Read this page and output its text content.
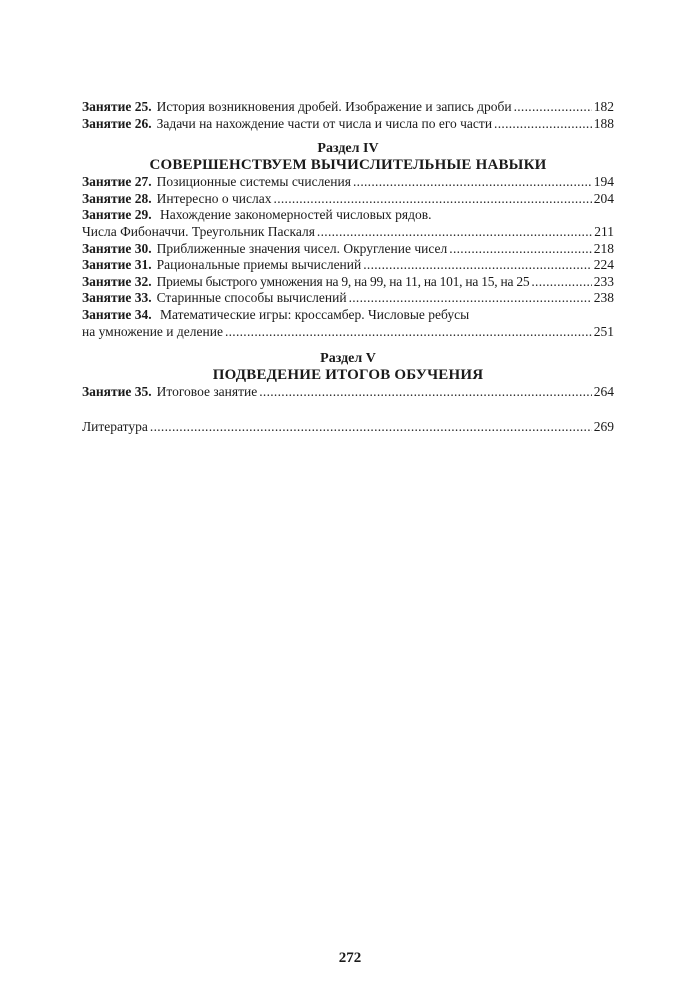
Занятие 25. История возникновения дробей. Изображение и запись дроби .....	182
Занятие 26. Задачи на нахождение части от числа и числа по его части .....	188
Раздел IV
СОВЕРШЕНСТВУЕМ ВЫЧИСЛИТЕЛЬНЫЕ НАВЫКИ
Занятие 27. Позиционные системы счисления .....	194
Занятие 28. Интересно о числах .....	204
Занятие 29. Нахождение закономерностей числовых рядов.
Числа Фибоначчи. Треугольник Паскаля .....	211
Занятие 30. Приближенные значения чисел. Округление чисел .....	218
Занятие 31. Рациональные приемы вычислений .....	224
Занятие 32. Приемы быстрого умножения на 9, на 99, на 11, на 101, на 15, на 25 .....	233
Занятие 33. Старинные способы вычислений .....	238
Занятие 34. Математические игры: кроссамбер. Числовые ребусы
на умножение и деление .....	251
Раздел V
ПОДВЕДЕНИЕ ИТОГОВ ОБУЧЕНИЯ
Занятие 35. Итоговое занятие .....	264
Литература .....	269
272
